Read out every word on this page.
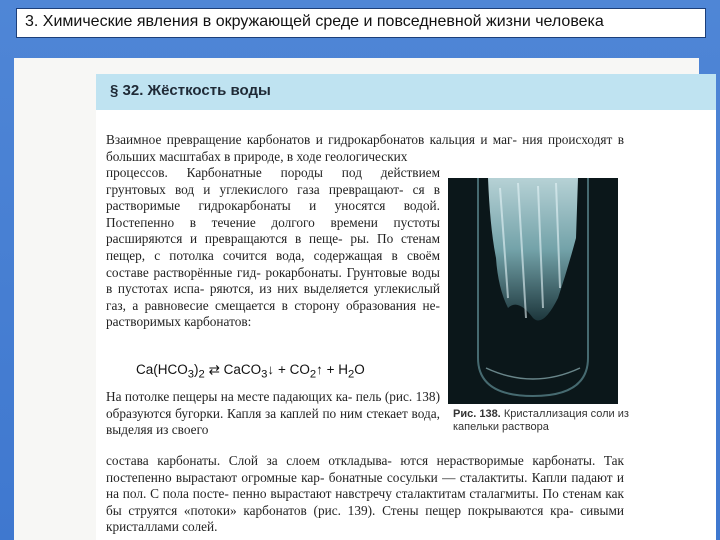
3. Химические явления в окружающей среде и повседневной жизни человека
§ 32. Жёсткость воды

Взаимное превращение карбонатов и гидрокарбонатов кальция и маг- ния происходят в больших масштабах в природе, в ходе геологических

процессов. Карбонатные породы под действием грунтовых вод и углекислого газа превращают- ся в растворимые гидрокарбонаты и уносятся водой. Постепенно в течение долгого времени пустоты расширяются и превращаются в пеще- ры. По стенам пещер, с потолка сочится вода, содержащая в своём составе растворённые гид- рокарбонаты. Грунтовые воды в пустотах испа- ряются, из них выделяется углекислый газ, а равновесие смещается в сторону образования не- растворимых карбонатов:

$Ca(HCO_3)_2$ ⇄ CaCO$_3$↓ + $CO_2↑ + H_2O$

На потолке пещеры на месте падающих ка- пель (рис. 138) образуются бугорки. Капля за каплей по ним стекает вода, выделяя из своего

Рис. 138. Кристаллизация соли из капельки раствора

состава карбонаты. Слой за слоем откладыва- ются нерастворимые карбонаты. Так постепенно вырастают огромные кар- бонатные сосульки — сталактиты. Капли падают и на пол. С пола посте- пенно вырастают навстречу сталактитам сталагмиты. По стенам как бы струятся «потоки» карбонатов (рис. 139). Стены пещер покрываются кра- сивыми кристаллами солей.
